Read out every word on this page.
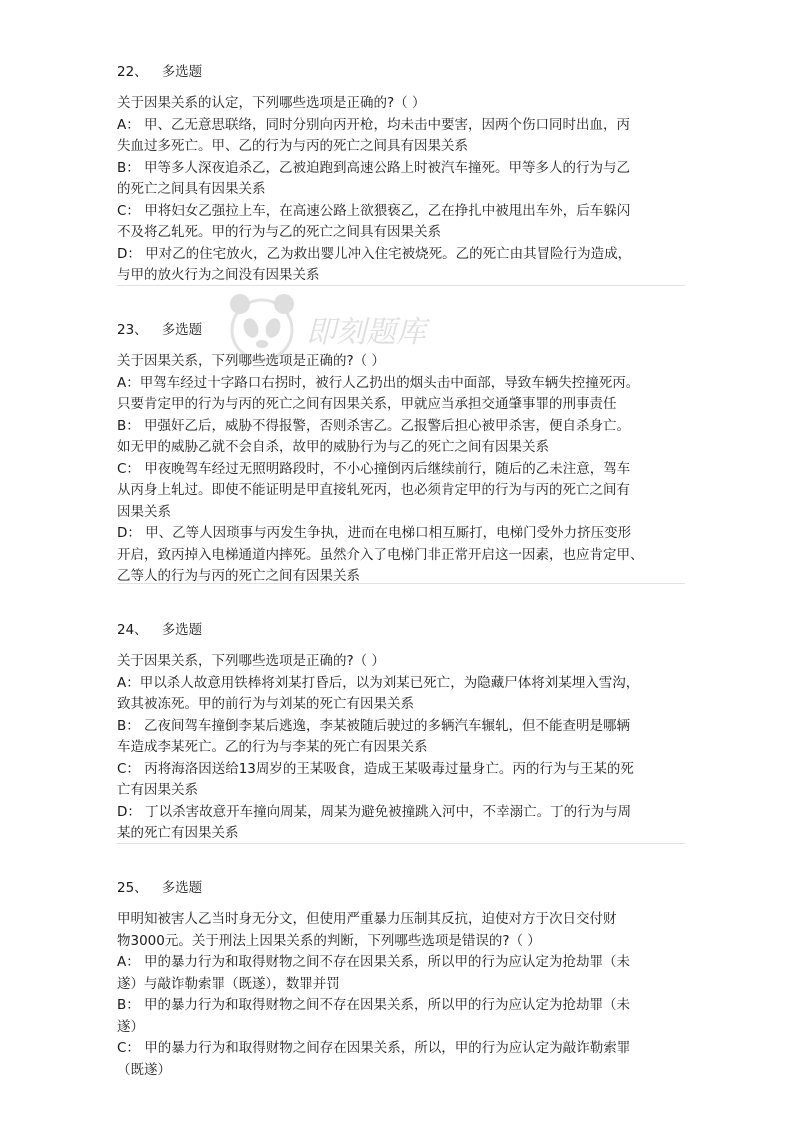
22、 多选题

关于因果关系的认定，下列哪些选项是正确的?（ ）

A： 甲、乙无意思联络，同时分别向丙开枪，均未击中要害，因两个伤口同时出血，丙

失血过多死亡。甲、乙的行为与丙的死亡之间具有因果关系

B： 甲等多人深夜追杀乙，乙被迫跑到高速公路上时被汽车撞死。甲等多人的行为与乙

的死亡之间具有因果关系

C： 甲将妇女乙强拉上车，在高速公路上欲猥亵乙，乙在挣扎中被甩出车外，后车躲闪

不及将乙轧死。甲的行为与乙的死亡之间具有因果关系

D： 甲对乙的住宅放火，乙为救出婴儿冲入住宅被烧死。乙的死亡由其冒险行为造成，

与甲的放火行为之间没有因果关系

23、 多选题

关于因果关系，下列哪些选项是正确的?（ ）

A：甲驾车经过十字路口右拐时，被行人乙扔出的烟头击中面部，导致车辆失控撞死丙。

只要肯定甲的行为与丙的死亡之间有因果关系，甲就应当承担交通肇事罪的刑事责任

B： 甲强奸乙后，威胁不得报警，否则杀害乙。乙报警后担心被甲杀害，便自杀身亡。

如无甲的威胁乙就不会自杀，故甲的威胁行为与乙的死亡之间有因果关系

C： 甲夜晚驾车经过无照明路段时，不小心撞倒丙后继续前行，随后的乙未注意，驾车

从丙身上轧过。即使不能证明是甲直接轧死丙，也必须肯定甲的行为与丙的死亡之间有

因果关系

D： 甲、乙等人因琐事与丙发生争执，进而在电梯口相互厮打，电梯门受外力挤压变形

开启，致丙掉入电梯通道内摔死。虽然介入了电梯门非正常开启这一因素，也应肯定甲、

乙等人的行为与丙的死亡之间有因果关系

24、 多选题

关于因果关系，下列哪些选项是正确的?（ ）

A：甲以杀人故意用铁棒将刘某打昏后，以为刘某已死亡，为隐藏尸体将刘某埋入雪沟，

致其被冻死。甲的前行为与刘某的死亡有因果关系

B： 乙夜间驾车撞倒李某后逃逸，李某被随后驶过的多辆汽车辗轧，但不能查明是哪辆

车造成李某死亡。乙的行为与李某的死亡有因果关系

C： 丙将海洛因送给13周岁的王某吸食，造成王某吸毒过量身亡。丙的行为与王某的死

亡有因果关系

D： 丁以杀害故意开车撞向周某，周某为避免被撞跳入河中，不幸溺亡。丁的行为与周

某的死亡有因果关系

25、 多选题

甲明知被害人乙当时身无分文，但使用严重暴力压制其反抗，迫使对方于次日交付财

物3000元。关于刑法上因果关系的判断，下列哪些选项是错误的?（ ）

A： 甲的暴力行为和取得财物之间不存在因果关系，所以甲的行为应认定为抢劫罪（未

遂）与敲诈勒索罪（既遂），数罪并罚

B： 甲的暴力行为和取得财物之间不存在因果关系，所以甲的行为应认定为抢劫罪（未

遂）

C： 甲的暴力行为和取得财物之间存在因果关系，所以，甲的行为应认定为敲诈勒索罪

（既遂）

即刻题库
